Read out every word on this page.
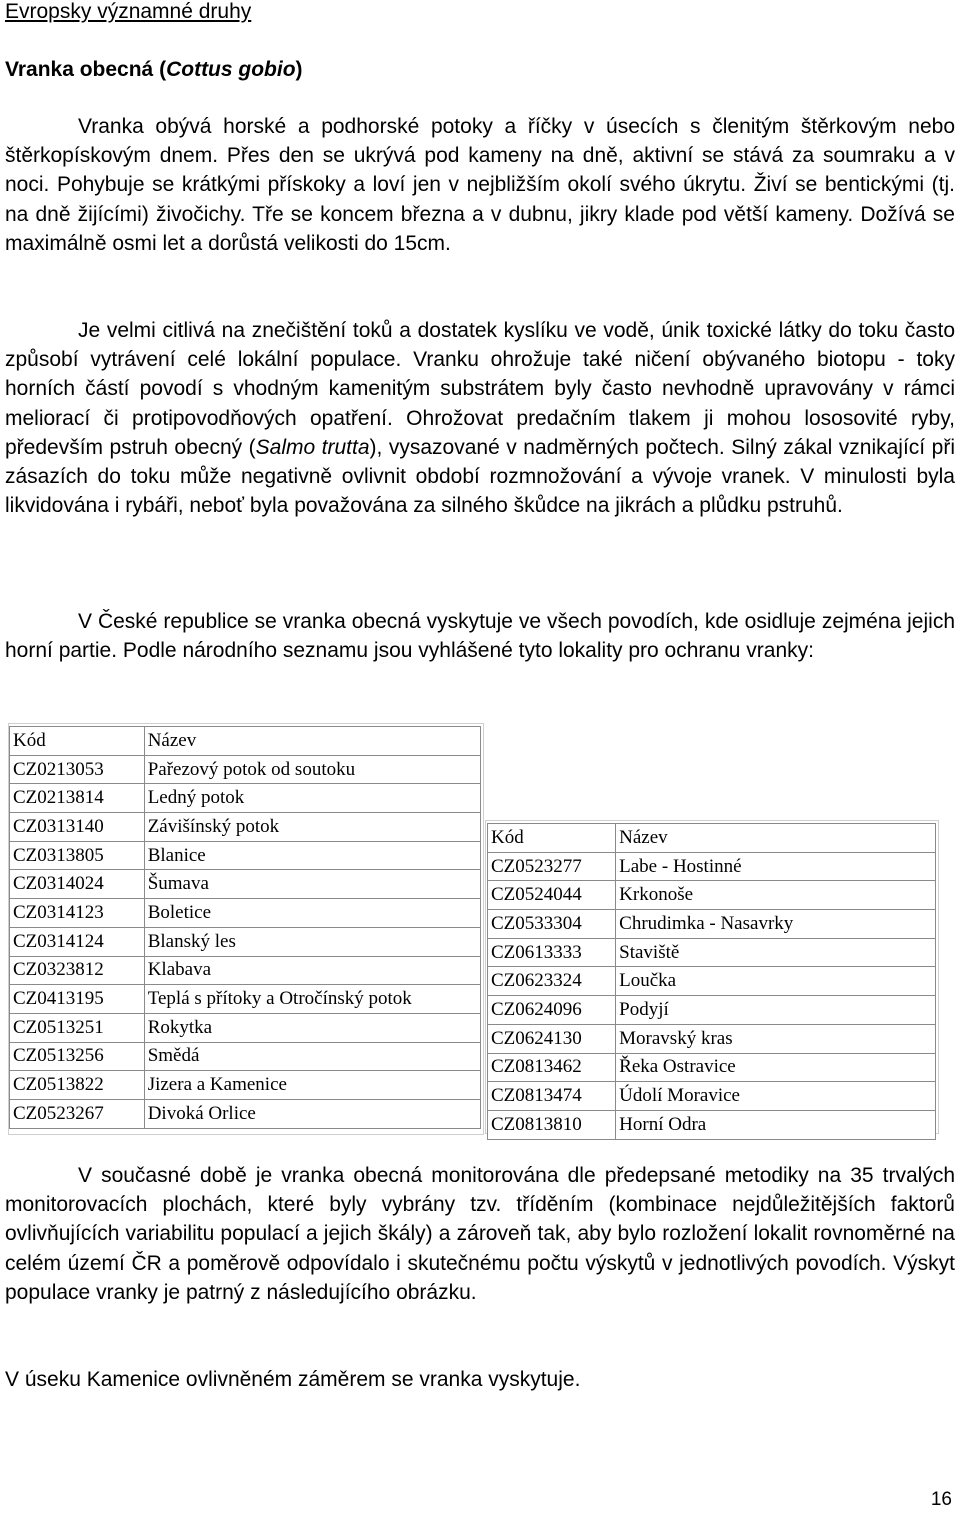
Evropsky významné druhy
Vranka obecná (Cottus gobio)

Vranka obývá horské a podhorské potoky a říčky v úsecích s členitým štěrkovým nebo štěrkopískovým dnem. Přes den se ukrývá pod kameny na dně, aktivní se stává za soumraku a v noci. Pohybuje se krátkými přískoky a loví jen v nejbližším okolí svého úkrytu. Živí se bentickými (tj. na dně žijícími) živočichy. Tře se koncem března a v dubnu, jikry klade pod větší kameny. Dožívá se maximálně osmi let a dorůstá velikosti do 15cm.

Je velmi citlivá na znečištění toků a dostatek kyslíku ve vodě, únik toxické látky do toku často způsobí vytrávení celé lokální populace. Vranku ohrožuje také ničení obývaného biotopu - toky horních částí povodí s vhodným kamenitým substrátem byly často nevhodně upravovány v rámci meliorací či protipovodňových opatření. Ohrožovat predačním tlakem ji mohou lososovité ryby, především pstruh obecný (Salmo trutta), vysazované v nadměrných počtech. Silný zákal vznikající při zásazích do toku může negativně ovlivnit období rozmnožování a vývoje vranek. V minulosti byla likvidována i rybáři, neboť byla považována za silného škůdce na jikrách a plůdku pstruhů.

V České republice se vranka obecná vyskytuje ve všech povodích, kde osidluje zejména jejich horní partie. Podle národního seznamu jsou vyhlášené tyto lokality pro ochranu vranky:

Kód	Název
CZ0213053	Pařezový potok od soutoku
CZ0213814	Ledný potok
CZ0313140	Závišínský potok
CZ0313805	Blanice
CZ0314024	Šumava
CZ0314123	Boletice
CZ0314124	Blanský les
CZ0323812	Klabava
CZ0413195	Teplá s přítoky a Otročínský potok
CZ0513251	Rokytka
CZ0513256	Smědá
CZ0513822	Jizera a Kamenice
CZ0523267	Divoká Orlice
Kód	Název
CZ0523277	Labe - Hostinné
CZ0524044	Krkonoše
CZ0533304	Chrudimka - Nasavrky
CZ0613333	Staviště
CZ0623324	Loučka
CZ0624096	Podyjí
CZ0624130	Moravský kras
CZ0813462	Řeka Ostravice
CZ0813474	Údolí Moravice
CZ0813810	Horní Odra

V současné době je vranka obecná monitorována dle předepsané metodiky na 35 trvalých monitorovacích plochách, které byly vybrány tzv. tříděním (kombinace nejdůležitějších faktorů ovlivňujících variabilitu populací a jejich škály) a zároveň tak, aby bylo rozložení lokalit rovnoměrné na celém území ČR a poměrově odpovídalo i skutečnému počtu výskytů v jednotlivých povodích. Výskyt populace vranky je patrný z následujícího obrázku.

V úseku Kamenice ovlivněném záměrem se vranka vyskytuje.

16
